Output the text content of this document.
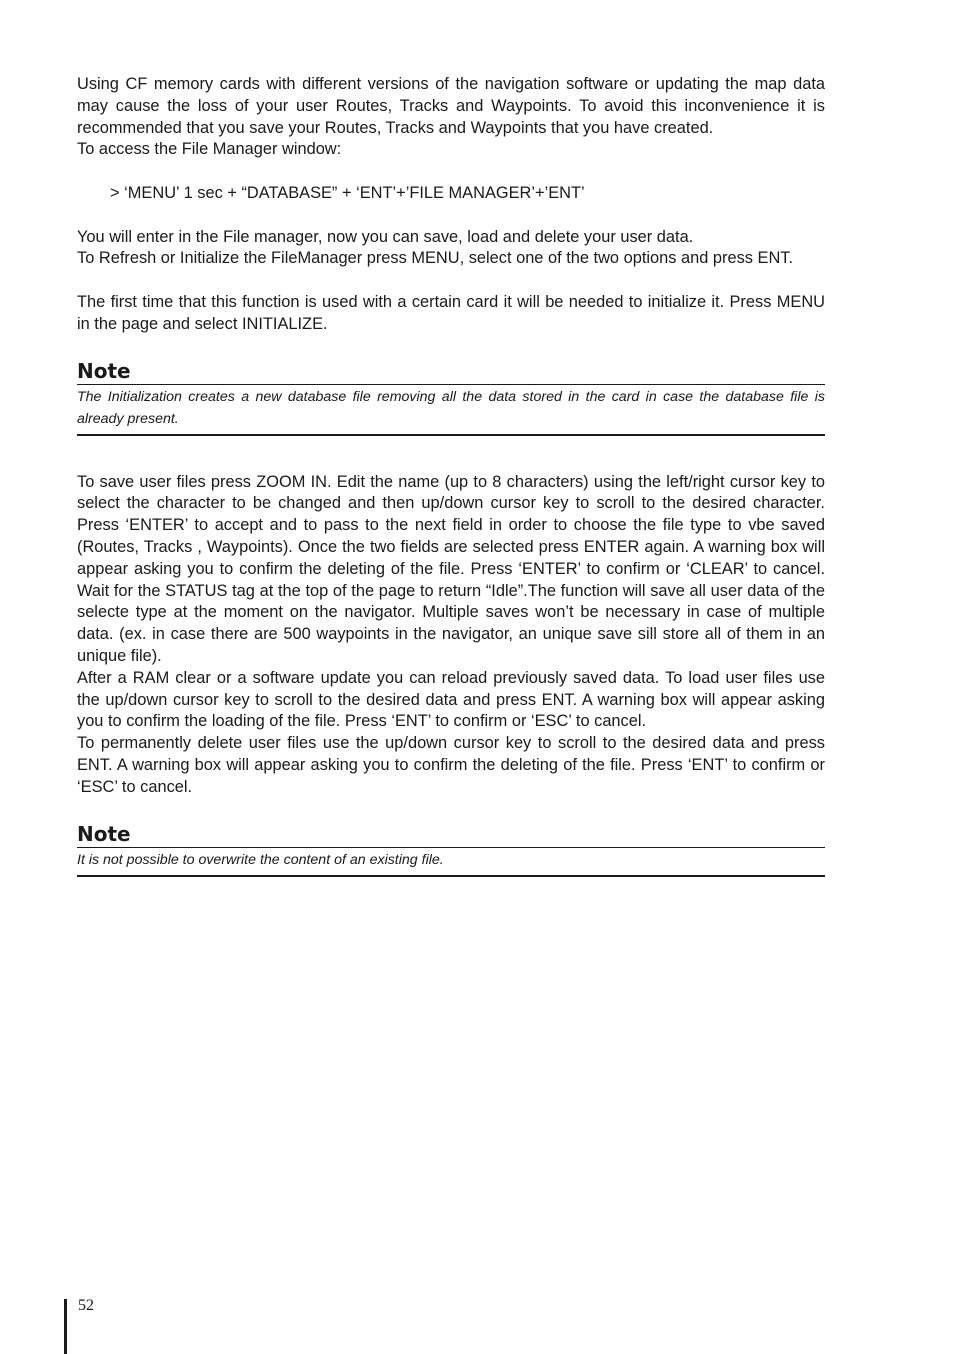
Using CF memory cards with different versions of the navigation software or updating the map data may cause the loss of your user Routes, Tracks and Waypoints. To avoid this inconvenience it is recommended that you save your Routes, Tracks and Waypoints that you have created.

To access the File Manager window:

> ‘MENU’ 1 sec + “DATABASE” + ‘ENT’+’FILE MANAGER’+’ENT’

You will enter in the File manager, now you can save, load and delete your user data.

To Refresh or Initialize the FileManager press MENU, select one of the two options and press ENT.

The first time that this function is used with a certain card it will be needed to initialize it. Press MENU in the page and select INITIALIZE.

Note

The Initialization creates a new database file removing all the data stored in the card in case the database file is already present.

To save user files press ZOOM IN. Edit the name (up to 8 characters) using the left/right cursor key to select the character to be changed and then up/down cursor key to scroll to the desired character. Press ‘ENTER’ to accept and to pass to the next field in order to choose the file type to vbe saved (Routes, Tracks , Waypoints). Once the two fields are selected press ENTER again. A warning box will appear asking you to confirm the deleting of the file. Press ‘ENTER’ to confirm or ‘CLEAR’ to cancel. Wait for the STATUS tag at the top of the page to return “Idle”.The function will save all user data of the selecte type at the moment on the navigator. Multiple saves won’t be necessary in case of multiple data. (ex. in case there are 500 waypoints in the navigator, an unique save sill store all of them in an unique file).

After a RAM clear or a software update you can reload previously saved data. To load user files use the up/down cursor key to scroll to the desired data and press ENT. A warning box will appear asking you to confirm the loading of the file. Press ‘ENT’ to confirm or ‘ESC’ to cancel.

To permanently delete user files use the up/down cursor key to scroll to the desired data and press ENT. A warning box will appear asking you to confirm the deleting of the file. Press ‘ENT’ to confirm or ‘ESC’ to cancel.

Note

It is not possible to overwrite the content of an existing file.

52
